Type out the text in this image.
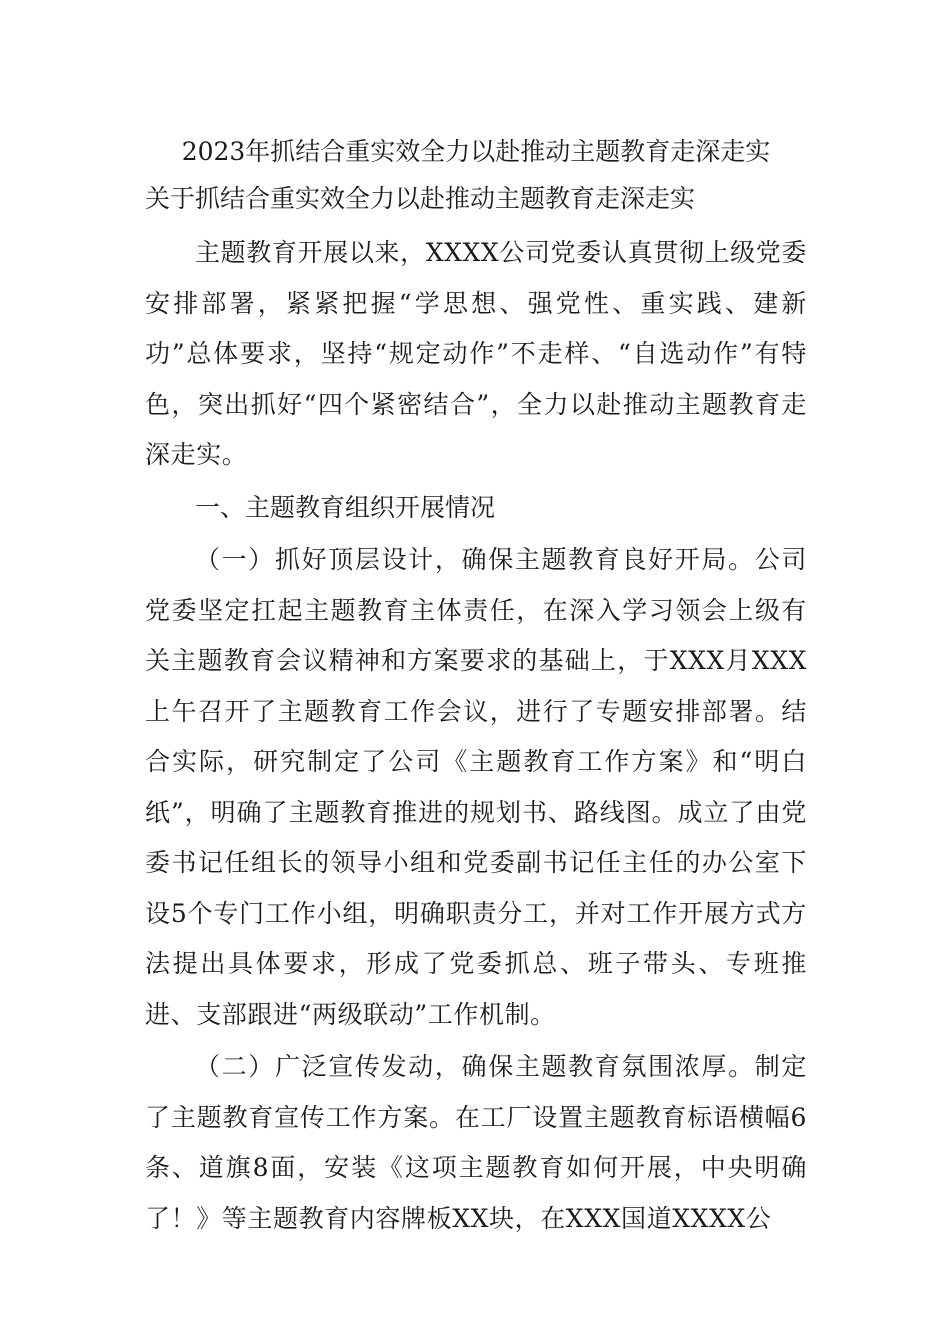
2023年抓结合重实效全力以赴推动主题教育走深走实
关于抓结合重实效全力以赴推动主题教育走深走实

主题教育开展以来，XXXX公司党委认真贯彻上级党委安排部署，紧紧把握“学思想、强党性、重实践、建新功”总体要求，坚持“规定动作”不走样、“自选动作”有特色，突出抓好“四个紧密结合”，全力以赴推动主题教育走深走实。

一、主题教育组织开展情况

（一）抓好顶层设计，确保主题教育良好开局。公司党委坚定扛起主题教育主体责任，在深入学习领会上级有关主题教育会议精神和方案要求的基础上，于XXX月XXX上午召开了主题教育工作会议，进行了专题安排部署。结合实际，研究制定了公司《主题教育工作方案》和“明白纸”，明确了主题教育推进的规划书、路线图。成立了由党委书记任组长的领导小组和党委副书记任主任的办公室下设5个专门工作小组，明确职责分工，并对工作开展方式方法提出具体要求，形成了党委抓总、班子带头、专班推进、支部跟进“两级联动”工作机制。

（二）广泛宣传发动，确保主题教育氛围浓厚。制定了主题教育宣传工作方案。在工厂设置主题教育标语横幅6条、道旗8面，安装《这项主题教育如何开展，中央明确了！》等主题教育内容牌板XX块，在XXX国道XXXX公
